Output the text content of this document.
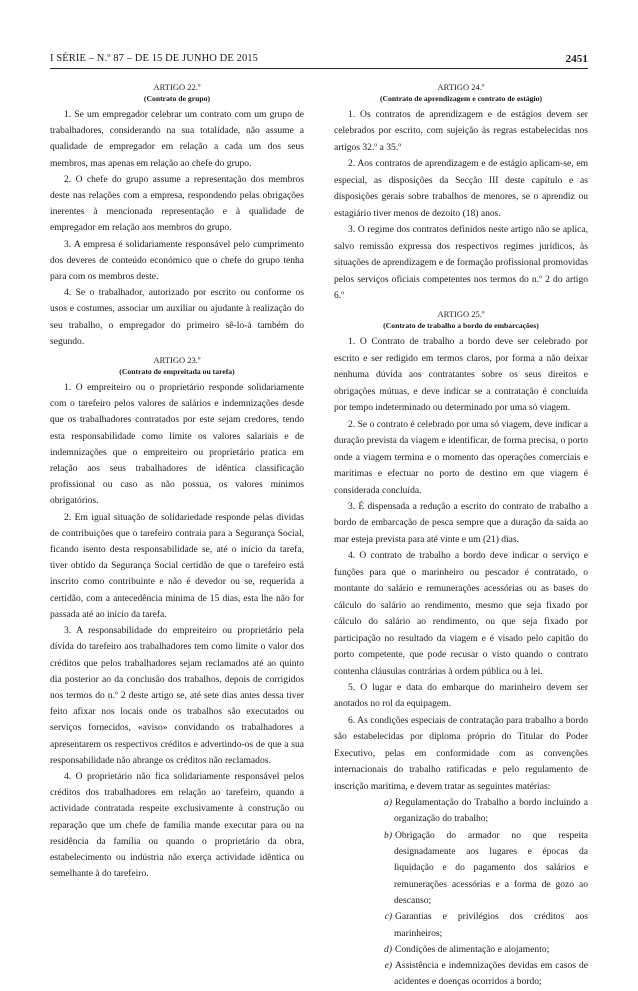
I SÉRIE – N.º 87 – DE 15 DE JUNHO DE 2015	2451
ARTIGO 22.º
(Contrato de grupo)

1. Se um empregador celebrar um contrato com um grupo de trabalhadores, considerando na sua totalidade, não assume a qualidade de empregador em relação a cada um dos seus membros, mas apenas em relação ao chefe do grupo.

2. O chefe do grupo assume a representação dos membros deste nas relações com a empresa, respondendo pelas obrigações inerentes à mencionada representação e à qualidade de empregador em relação aos membros do grupo.

3. A empresa é solidariamente responsável pelo cumprimento dos deveres de conteúdo económico que o chefe do grupo tenha para com os membros deste.

4. Se o trabalhador, autorizado por escrito ou conforme os usos e costumes, associar um auxiliar ou ajudante à realização do seu trabalho, o empregador do primeiro sê-lo-á também do segundo.

ARTIGO 23.º
(Contrato de empreitada ou tarefa)

1. O empreiteiro ou o proprietário responde solidariamente com o tarefeiro pelos valores de salários e indemnizações desde que os trabalhadores contratados por este sejam credores, tendo esta responsabilidade como limite os valores salariais e de indemnizações que o empreiteiro ou proprietário pratica em relação aos seus trabalhadores de idêntica classificação profissional ou caso as não possua, os valores mínimos obrigatórios.

2. Em igual situação de solidariedade responde pelas dívidas de contribuições que o tarefeiro contraia para a Segurança Social, ficando isento desta responsabilidade se, até o início da tarefa, tiver obtido da Segurança Social certidão de que o tarefeiro está inscrito como contribuinte e não é devedor ou se, requerida a certidão, com a antecedência mínima de 15 dias, esta lhe não for passada até ao início da tarefa.

3. A responsabilidade do empreiteiro ou proprietário pela dívida do tarefeiro aos trabalhadores tem como limite o valor dos créditos que pelos trabalhadores sejam reclamados até ao quinto dia posterior ao da conclusão dos trabalhos, depois de corrigidos nos termos do n.º 2 deste artigo se, até sete dias antes dessa tiver feito afixar nos locais onde os trabalhos são executados ou serviços fornecidos, «aviso» convidando os trabalhadores a apresentarem os respectivos créditos e advertindo-os de que a sua responsabilidade não abrange os créditos não reclamados.

4. O proprietário não fica solidariamente responsável pelos créditos dos trabalhadores em relação ao tarefeiro, quando a actividade contratada respeite exclusivamente à construção ou reparação que um chefe de família mande executar para ou na residência da família ou quando o proprietário da obra, estabelecimento ou indústria não exerça actividade idêntica ou semelhante à do tarefeiro.

ARTIGO 24.º
(Contrato de aprendizagem e contrato de estágio)

1. Os contratos de aprendizagem e de estágios devem ser celebrados por escrito, com sujeição às regras estabelecidas nos artigos 32.º a 35.º

2. Aos contratos de aprendizagem e de estágio aplicam-se, em especial, as disposições da Secção III deste capítulo e as disposições gerais sobre trabalhos de menores, se o aprendiz ou estagiário tiver menos de dezoito (18) anos.

3. O regime dos contratos definidos neste artigo não se aplica, salvo remissão expressa dos respectivos regimes jurídicos, às situações de aprendizagem e de formação profissional promovidas pelos serviços oficiais competentes nos termos do n.º 2 do artigo 6.º

ARTIGO 25.º
(Contrato de trabalho a bordo de embarcações)

1. O Contrato de trabalho a bordo deve ser celebrado por escrito e ser redigido em termos claros, por forma a não deixar nenhuma dúvida aos contratantes sobre os seus direitos e obrigações mútuas, e deve indicar se a contratação é concluída por tempo indeterminado ou determinado por uma só viagem.

2. Se o contrato é celebrado por uma só viagem, deve indicar a duração prevista da viagem e identificar, de forma precisa, o porto onde a viagem termina e o momento das operações comerciais e marítimas e efectuar no porto de destino em que viagem é considerada concluída.

3. É dispensada a redução a escrito do contrato de trabalho a bordo de embarcação de pesca sempre que a duração da saída ao mar esteja prevista para até vinte e um (21) dias.

4. O contrato de trabalho a bordo deve indicar o serviço e funções para que o marinheiro ou pescador é contratado, o montante do salário e remunerações acessórias ou as bases do cálculo do salário ao rendimento, mesmo que seja fixado por cálculo do salário ao rendimento, ou que seja fixado por participação no resultado da viagem e é visado pelo capitão do porto competente, que pode recusar o visto quando o contrato contenha cláusulas contrárias à ordem pública ou à lei.

5. O lugar e data do embarque do marinheiro devem ser anotados no rol da equipagem.

6. As condições especiais de contratação para trabalho a bordo são estabelecidas por diploma próprio do Titular do Poder Executivo, pelas em conformidade com as convenções internacionais do trabalho ratificadas e pelo regulamento de inscrição marítima, e devem tratar as seguintes matérias:

a) Regulamentação do Trabalho a bordo incluindo a organização do trabalho;
b) Obrigação do armador no que respeita designadamente aos lugares e épocas da liquidação e do pagamento dos salários e remunerações acessórias e a forma de gozo ao descanso;
c) Garantias e privilégios dos créditos aos marinheiros;
d) Condições de alimentação e alojamento;
e) Assistência e indemnizações devidas em casos de acidentes e doenças ocorridos a bordo;
